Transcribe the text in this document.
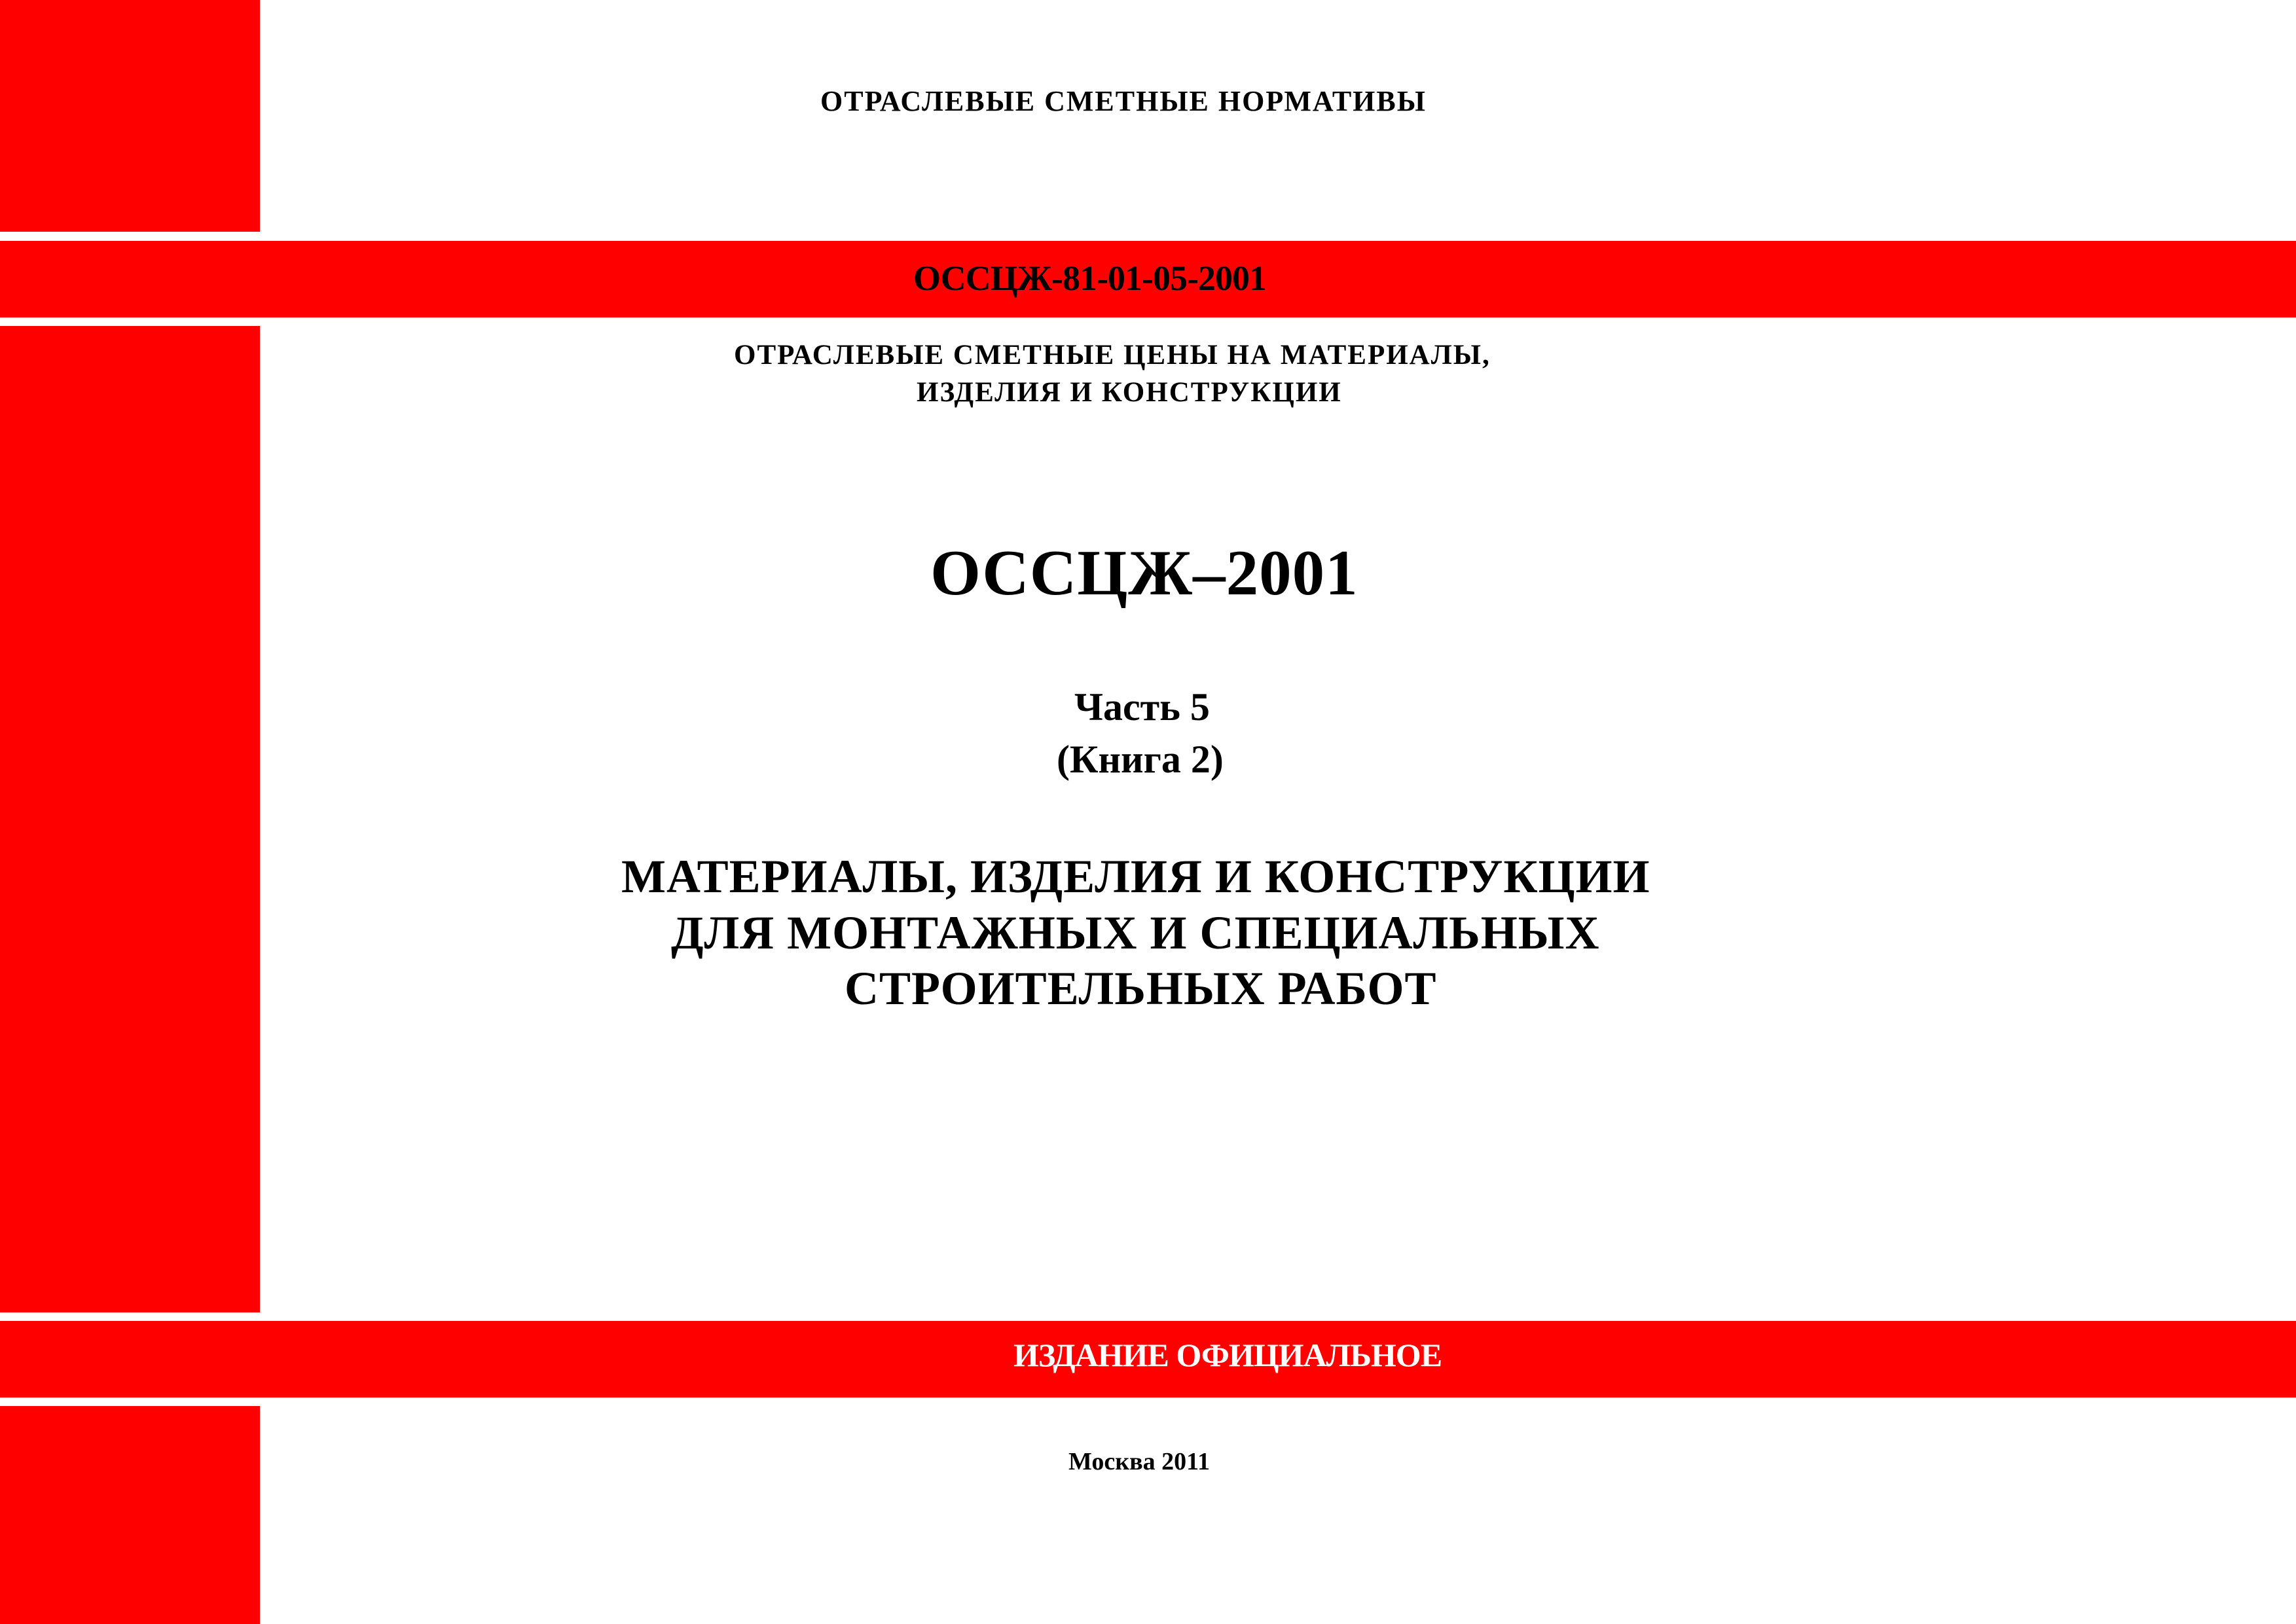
ОТРАСЛЕВЫЕ СМЕТНЫЕ НОРМАТИВЫ
ОССЦЖ-81-01-05-2001
ОТРАСЛЕВЫЕ СМЕТНЫЕ ЦЕНЫ НА МАТЕРИАЛЫ,
ИЗДЕЛИЯ И КОНСТРУКЦИИ
ОССЦЖ–2001
Часть 5
(Книга 2)
МАТЕРИАЛЫ, ИЗДЕЛИЯ И КОНСТРУКЦИИ
ДЛЯ МОНТАЖНЫХ И СПЕЦИАЛЬНЫХ
СТРОИТЕЛЬНЫХ РАБОТ
ИЗДАНИЕ ОФИЦИАЛЬНОЕ
Москва 2011
